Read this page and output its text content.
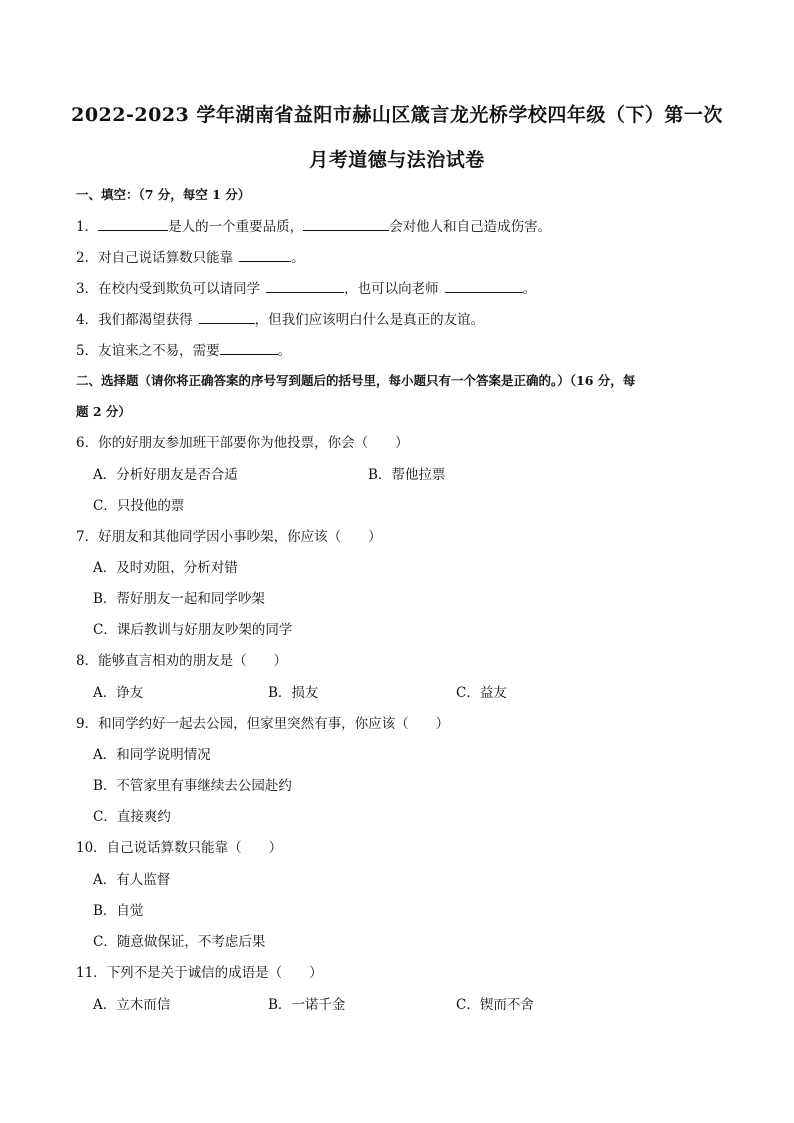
2022-2023 学年湖南省益阳市赫山区箴言龙光桥学校四年级（下）第一次
月考道德与法治试卷
一、填空：（7 分，每空 1 分）
1．	是人的一个重要品质，	会对他人和自己造成伤害。
2．对自己说话算数只能靠	。
3．在校内受到欺负可以请同学	，也可以向老师	。
4．我们都渴望获得	，但我们应该明白什么是真正的友谊。
5．友谊来之不易，需要	。
二、选择题（请你将正确答案的序号写到题后的括号里，每小题只有一个答案是正确的。）（16 分，每
题 2 分）
6．你的好朋友参加班干部要你为他投票，你会（　　）
A．分析好朋友是否合适	B．帮他拉票
C．只投他的票
7．好朋友和其他同学因小事吵架，你应该（　　）
A．及时劝阻，分析对错
B．帮好朋友一起和同学吵架
C．课后教训与好朋友吵架的同学
8．能够直言相劝的朋友是（　　）
A．诤友	B．损友	C．益友
9．和同学约好一起去公园，但家里突然有事，你应该（　　）
A．和同学说明情况
B．不管家里有事继续去公园赴约
C．直接爽约
10．自己说话算数只能靠（　　）
A．有人监督
B．自觉
C．随意做保证，不考虑后果
11．下列不是关于诚信的成语是（　　）
A．立木而信	B．一诺千金	C．锲而不舍
